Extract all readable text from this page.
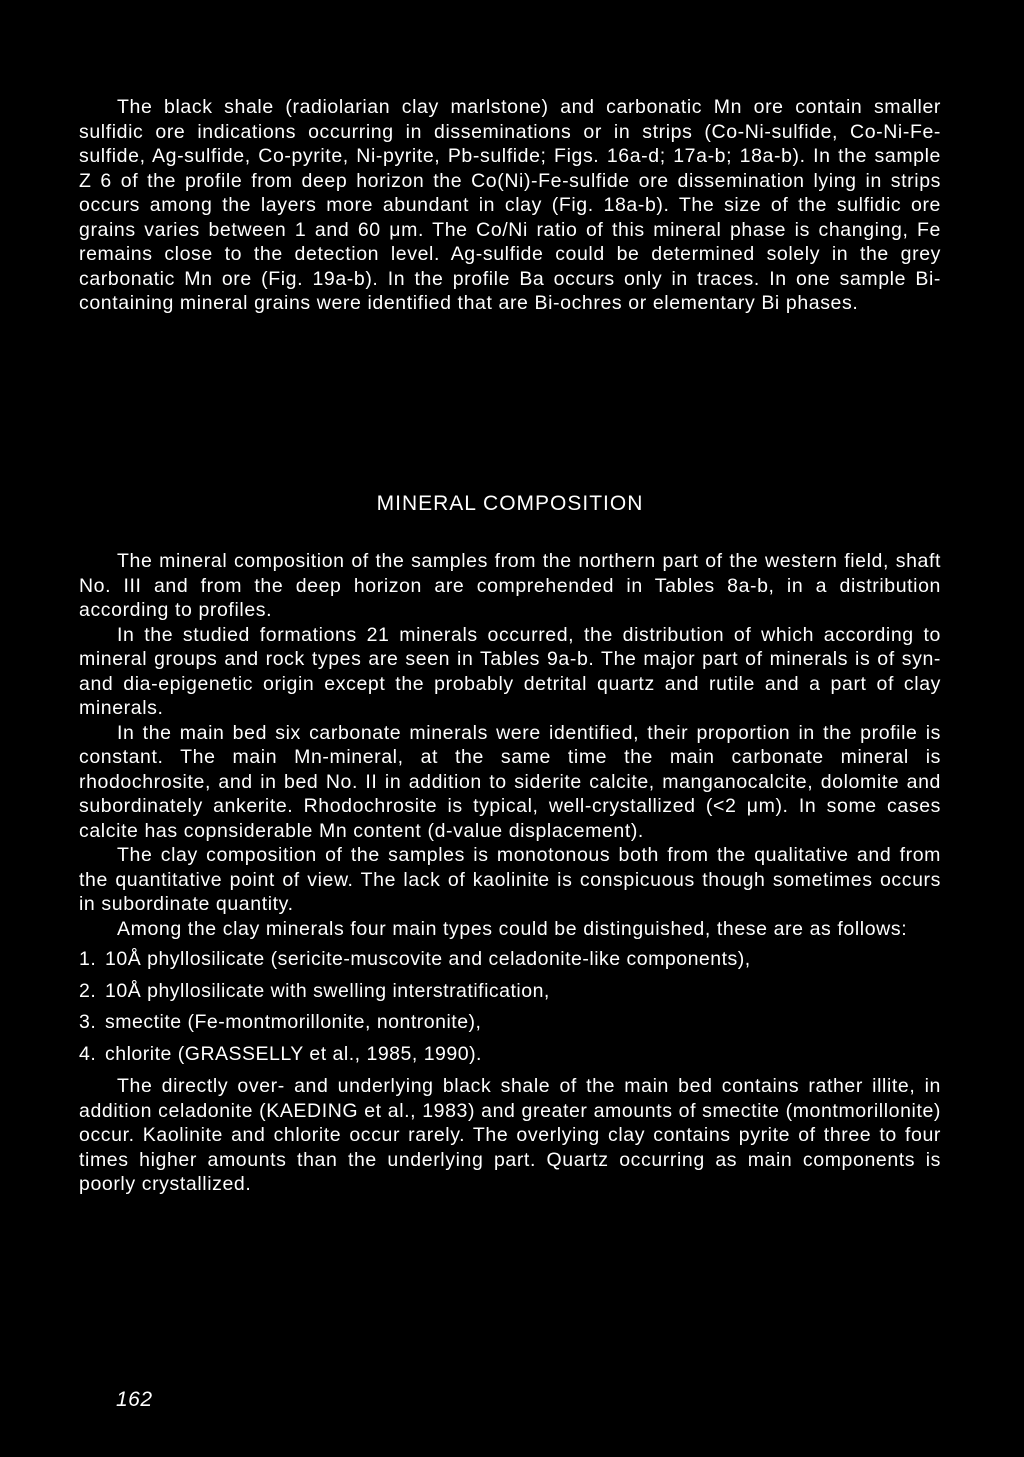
The black shale (radiolarian clay marlstone) and carbonatic Mn ore contain smaller sulfidic ore indications occurring in disseminations or in strips (Co-Ni-sulfide, Co-Ni-Fe-sulfide, Ag-sulfide, Co-pyrite, Ni-pyrite, Pb-sulfide; Figs. 16a-d; 17a-b; 18a-b). In the sample Z 6 of the profile from deep horizon the Co(Ni)-Fe-sulfide ore dissemination lying in strips occurs among the layers more abundant in clay (Fig. 18a-b). The size of the sulfidic ore grains varies between 1 and 60 μm. The Co/Ni ratio of this mineral phase is changing, Fe remains close to the detection level. Ag-sulfide could be determined solely in the grey carbonatic Mn ore (Fig. 19a-b). In the profile Ba occurs only in traces. In one sample Bi-containing mineral grains were identified that are Bi-ochres or elementary Bi phases.

MINERAL COMPOSITION

The mineral composition of the samples from the northern part of the western field, shaft No. III and from the deep horizon are comprehended in Tables 8a-b, in a distribution according to profiles.

In the studied formations 21 minerals occurred, the distribution of which according to mineral groups and rock types are seen in Tables 9a-b. The major part of minerals is of syn- and dia-epigenetic origin except the probably detrital quartz and rutile and a part of clay minerals.

In the main bed six carbonate minerals were identified, their proportion in the profile is constant. The main Mn-mineral, at the same time the main carbonate mineral is rhodochrosite, and in bed No. II in addition to siderite calcite, manganocalcite, dolomite and subordinately ankerite. Rhodochrosite is typical, well-crystallized (<2 μm). In some cases calcite has copnsiderable Mn content (d-value displacement).

The clay composition of the samples is monotonous both from the qualitative and from the quantitative point of view. The lack of kaolinite is conspicuous though sometimes occurs in subordinate quantity.

Among the clay minerals four main types could be distinguished, these are as follows:

1. 10Å phyllosilicate (sericite-muscovite and celadonite-like components),
2. 10Å phyllosilicate with swelling interstratification,
3. smectite (Fe-montmorillonite, nontronite),
4. chlorite (GRASSELLY et al., 1985, 1990).

The directly over- and underlying black shale of the main bed contains rather illite, in addition celadonite (KAEDING et al., 1983) and greater amounts of smectite (montmorillonite) occur. Kaolinite and chlorite occur rarely. The overlying clay contains pyrite of three to four times higher amounts than the underlying part. Quartz occurring as main components is poorly crystallized.

162
